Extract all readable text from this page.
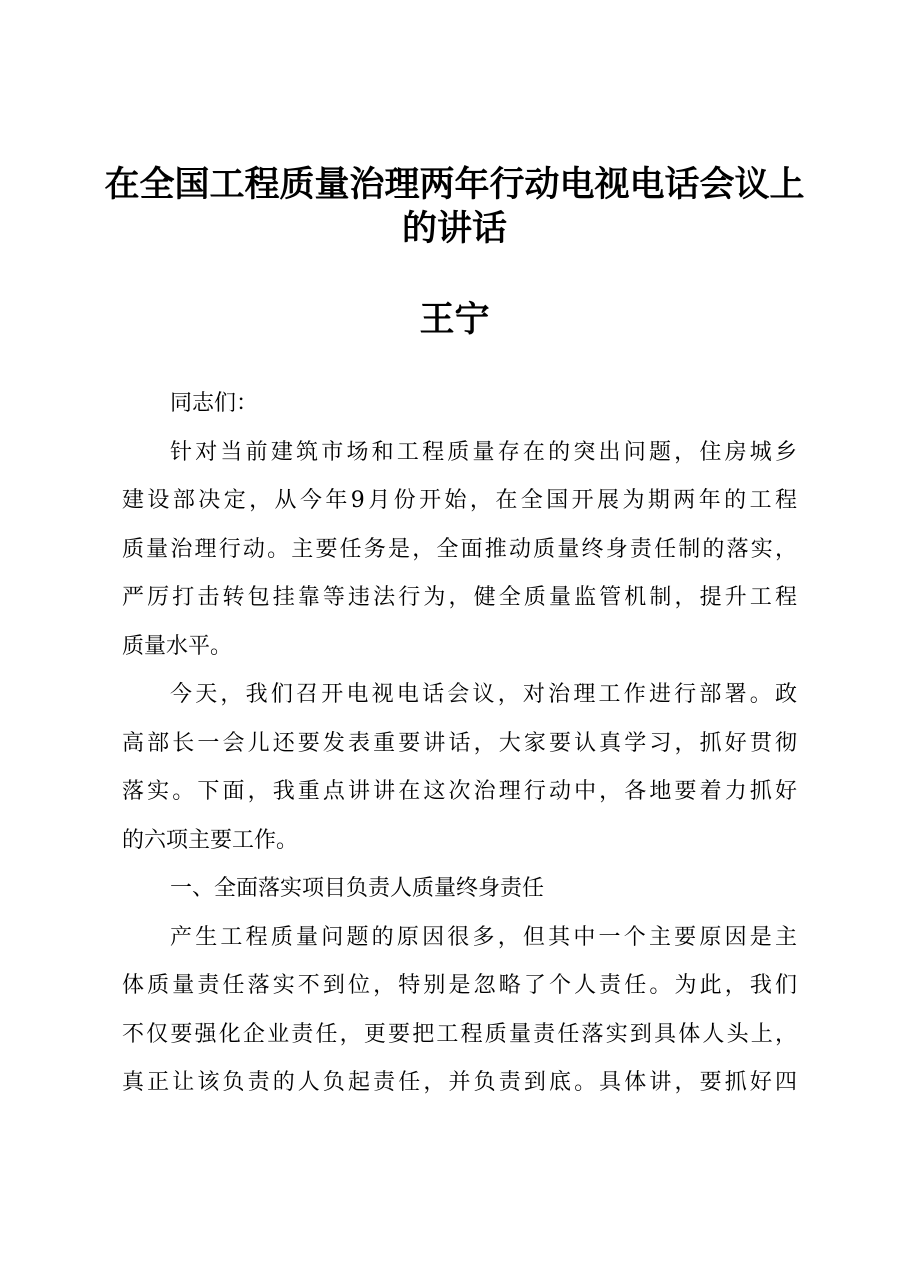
在全国工程质量治理两年行动电视电话会议上
的讲话
王宁

同志们：

针对当前建筑市场和工程质量存在的突出问题，住房城乡
建设部决定，从今年9月份开始，在全国开展为期两年的工程
质量治理行动。主要任务是，全面推动质量终身责任制的落实，
严厉打击转包挂靠等违法行为，健全质量监管机制，提升工程
质量水平。

今天，我们召开电视电话会议，对治理工作进行部署。政
高部长一会儿还要发表重要讲话，大家要认真学习，抓好贯彻
落实。下面，我重点讲讲在这次治理行动中，各地要着力抓好
的六项主要工作。

一、全面落实项目负责人质量终身责任

产生工程质量问题的原因很多，但其中一个主要原因是主
体质量责任落实不到位，特别是忽略了个人责任。为此，我们
不仅要强化企业责任，更要把工程质量责任落实到具体人头上，
真正让该负责的人负起责任，并负责到底。具体讲，要抓好四
